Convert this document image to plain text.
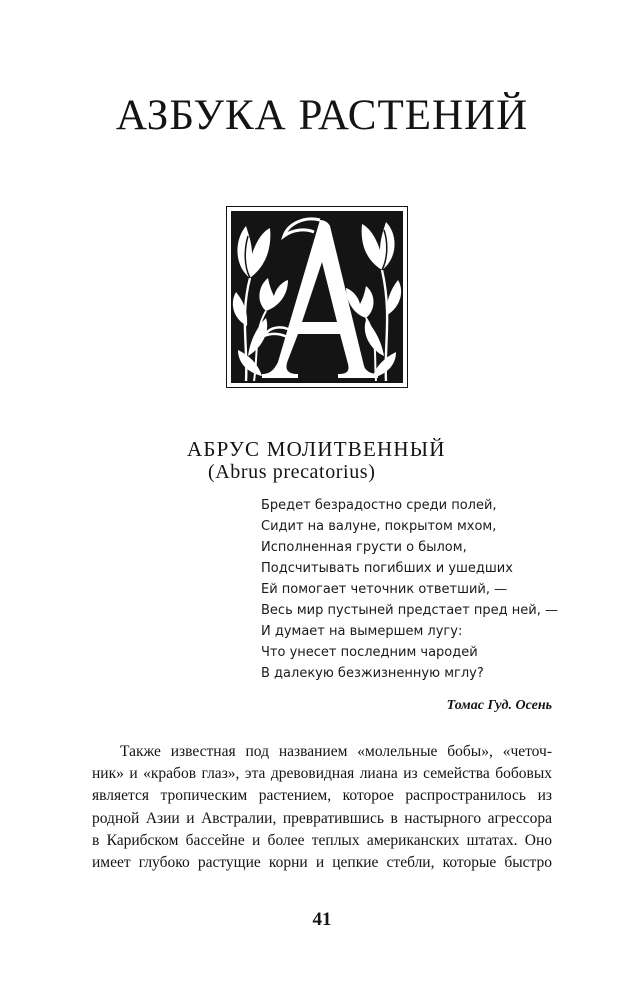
АЗБУКА РАСТЕНИЙ
АБРУС МОЛИТВЕННЫЙ
(Abrus precatorius)
Бредет безрадостно среди полей,
Сидит на валуне, покрытом мхом,
Исполненная грусти о былом,
Подсчитывать погибших и ушедших
Ей помогает четочник ответший, —
Весь мир пустыней предстает пред ней, —
И думает на вымершем лугу:
Что унесет последним чародей
В далекую безжизненную мглу?
Томас Гуд. Осень

Также известная под названием «молельные бобы», «четоч-
ник» и «крабов глаз», эта древовидная лиана из семейства бобовых
является тропическим растением, которое распространилось из
родной Азии и Австралии, превратившись в настырного агрессора
в Карибском бассейне и более теплых американских штатах. Оно
имеет глубоко растущие корни и цепкие стебли, которые быстро

41
